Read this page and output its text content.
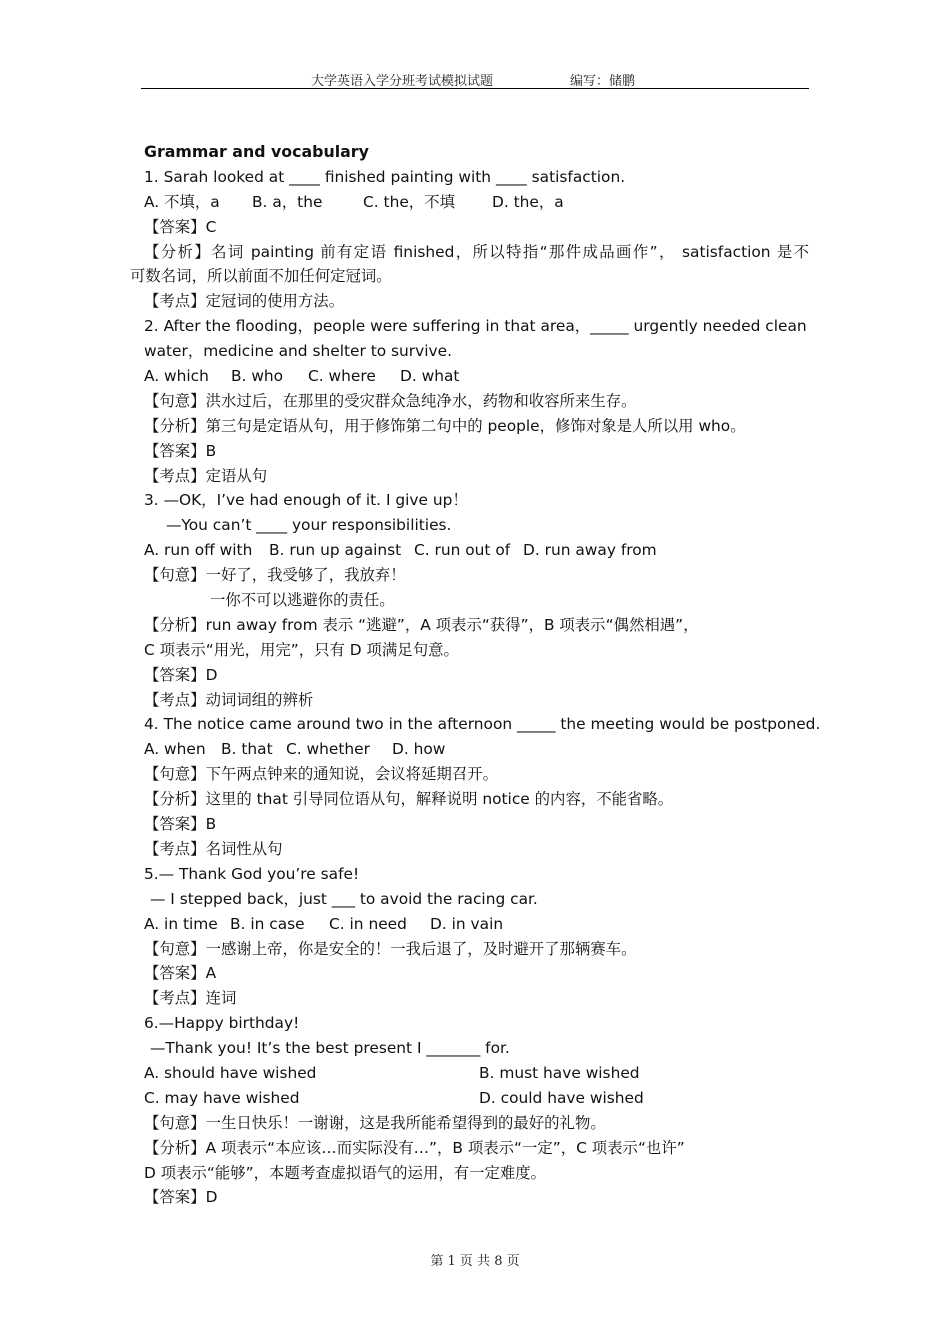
大学英语入学分班考试模拟试题	编写：储鹏
Grammar and vocabulary
1. Sarah looked at ____ finished painting with ____ satisfaction.
A. 不填，a B. a，the	C. the，不填 D. the，a
【答案】C
【分析】名词 painting 前有定语 finished，所以特指“那件成品画作”， satisfaction 是不
可数名词，所以前面不加任何定冠词。
【考点】定冠词的使用方法。
2. After the flooding，people were suffering in that area，_____ urgently needed clean
water，medicine and shelter to survive.
A. which B. who C. where D. what
【句意】洪水过后，在那里的受灾群众急纯净水，药物和收容所来生存。
【分析】第三句是定语从句，用于修饰第二句中的 people，修饰对象是人所以用 who。
【答案】B
【考点】定语从句
3. —OK，I’ve had enough of it. I give up！
—You can’t ____ your responsibilities.
A. run off with B. run up against C. run out of D. run away from
【句意】一好了，我受够了，我放弃！
一你不可以逃避你的责任。
【分析】run away from 表示 “逃避”，A 项表示“获得”，B 项表示“偶然相遇”，
C 项表示“用光，用完”，只有 D 项满足句意。
【答案】D
【考点】动词词组的辨析
4. The notice came around two in the afternoon _____ the meeting would be postponed.
A. when B. that C. whether D. how
【句意】下午两点钟来的通知说，会议将延期召开。
【分析】这里的 that 引导同位语从句，解释说明 notice 的内容，不能省略。
【答案】B
【考点】名词性从句
5.— Thank God you’re safe!
— I stepped back，just ___ to avoid the racing car.
A. in time B. in case C. in need D. in vain
【句意】一感谢上帝，你是安全的！一我后退了，及时避开了那辆赛车。
【答案】A
【考点】连词
6.—Happy birthday!
—Thank you! It’s the best present I _______ for.
A. should have wished	B. must have wished
C. may have wished	D. could have wished
【句意】一生日快乐！一谢谢，这是我所能希望得到的最好的礼物。
【分析】A 项表示“本应该…而实际没有…”，B 项表示“一定”，C 项表示“也许”
D 项表示“能够”，本题考查虚拟语气的运用，有一定难度。
【答案】D
第 1 页 共 8 页
